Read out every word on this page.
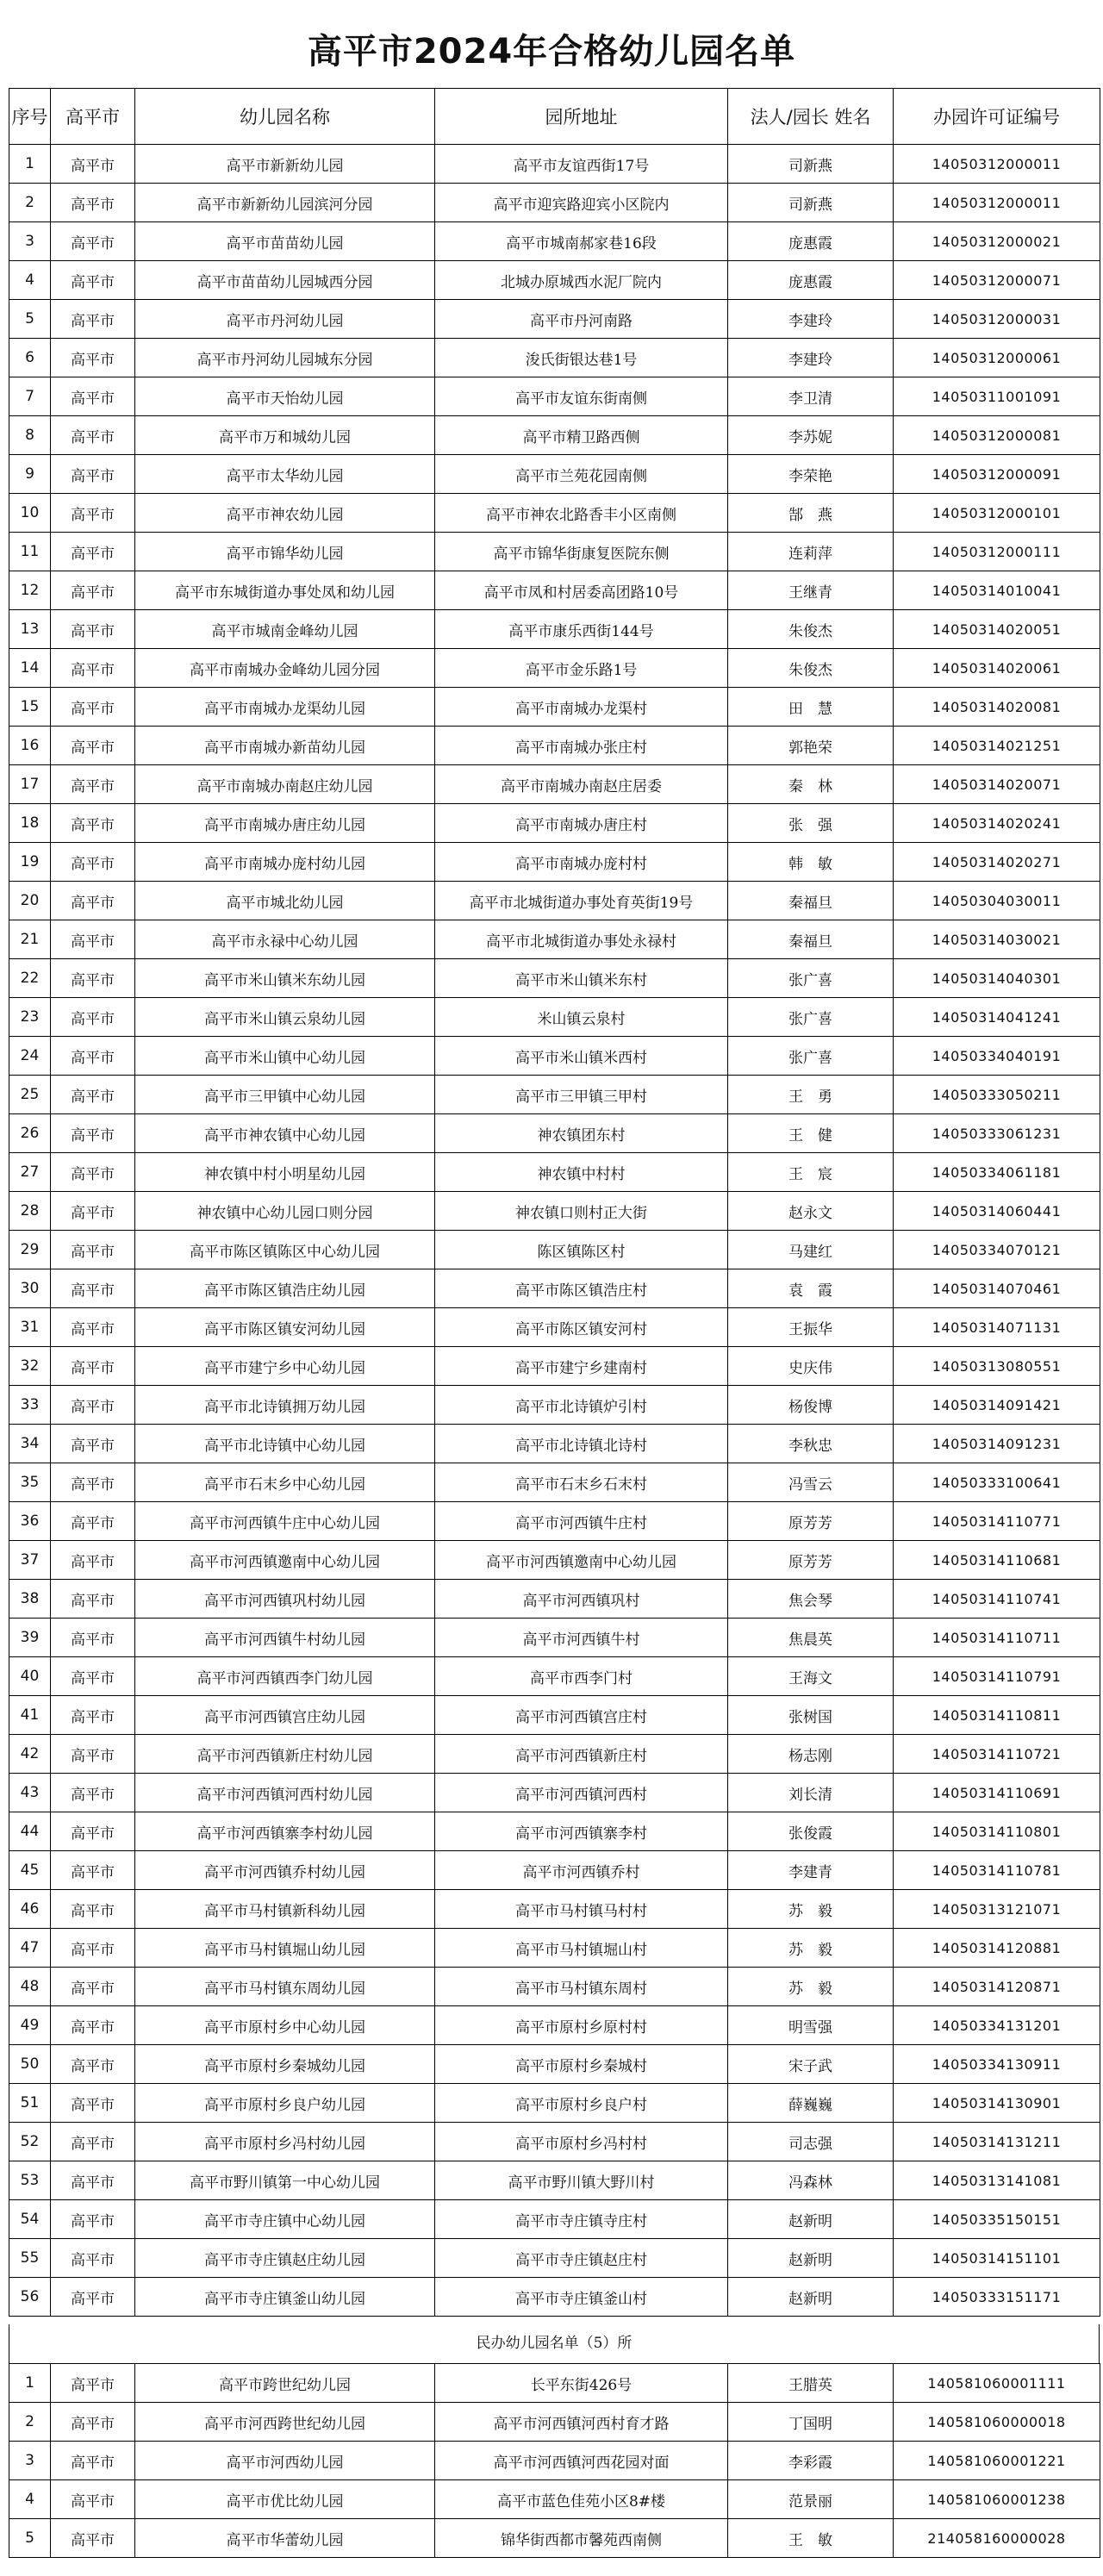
高平市2024年合格幼儿园名单
序号	高平市	幼儿园名称	园所地址	法人/园长 姓名	办园许可证编号
1	高平市	高平市新新幼儿园	高平市友谊西街17号	司新燕	14050312000011
2	高平市	高平市新新幼儿园滨河分园	高平市迎宾路迎宾小区院内	司新燕	14050312000011
3	高平市	高平市苗苗幼儿园	高平市城南郝家巷16段	庞惠霞	14050312000021
4	高平市	高平市苗苗幼儿园城西分园	北城办原城西水泥厂院内	庞惠霞	14050312000071
5	高平市	高平市丹河幼儿园	高平市丹河南路	李建玲	14050312000031
6	高平市	高平市丹河幼儿园城东分园	浚氏街银达巷1号	李建玲	14050312000061
7	高平市	高平市天怡幼儿园	高平市友谊东街南侧	李卫清	14050311001091
8	高平市	高平市万和城幼儿园	高平市精卫路西侧	李苏妮	14050312000081
9	高平市	高平市太华幼儿园	高平市兰苑花园南侧	李荣艳	14050312000091
10	高平市	高平市神农幼儿园	高平市神农北路香丰小区南侧	郜　燕	14050312000101
11	高平市	高平市锦华幼儿园	高平市锦华街康复医院东侧	连莉萍	14050312000111
12	高平市	高平市东城街道办事处凤和幼儿园	高平市凤和村居委高团路10号	王继青	14050314010041
13	高平市	高平市城南金峰幼儿园	高平市康乐西街144号	朱俊杰	14050314020051
14	高平市	高平市南城办金峰幼儿园分园	高平市金乐路1号	朱俊杰	14050314020061
15	高平市	高平市南城办龙渠幼儿园	高平市南城办龙渠村	田　慧	14050314020081
16	高平市	高平市南城办新苗幼儿园	高平市南城办张庄村	郭艳荣	14050314021251
17	高平市	高平市南城办南赵庄幼儿园	高平市南城办南赵庄居委	秦　林	14050314020071
18	高平市	高平市南城办唐庄幼儿园	高平市南城办唐庄村	张　强	14050314020241
19	高平市	高平市南城办庞村幼儿园	高平市南城办庞村村	韩　敏	14050314020271
20	高平市	高平市城北幼儿园	高平市北城街道办事处育英街19号	秦福旦	14050304030011
21	高平市	高平市永禄中心幼儿园	高平市北城街道办事处永禄村	秦福旦	14050314030021
22	高平市	高平市米山镇米东幼儿园	高平市米山镇米东村	张广喜	14050314040301
23	高平市	高平市米山镇云泉幼儿园	米山镇云泉村	张广喜	14050314041241
24	高平市	高平市米山镇中心幼儿园	高平市米山镇米西村	张广喜	14050334040191
25	高平市	高平市三甲镇中心幼儿园	高平市三甲镇三甲村	王　勇	14050333050211
26	高平市	高平市神农镇中心幼儿园	神农镇团东村	王　健	14050333061231
27	高平市	神农镇中村小明星幼儿园	神农镇中村村	王　宸	14050334061181
28	高平市	神农镇中心幼儿园口则分园	神农镇口则村正大街	赵永文	14050314060441
29	高平市	高平市陈区镇陈区中心幼儿园	陈区镇陈区村	马建红	14050334070121
30	高平市	高平市陈区镇浩庄幼儿园	高平市陈区镇浩庄村	袁　霞	14050314070461
31	高平市	高平市陈区镇安河幼儿园	高平市陈区镇安河村	王振华	14050314071131
32	高平市	高平市建宁乡中心幼儿园	高平市建宁乡建南村	史庆伟	14050313080551
33	高平市	高平市北诗镇拥万幼儿园	高平市北诗镇炉引村	杨俊博	14050314091421
34	高平市	高平市北诗镇中心幼儿园	高平市北诗镇北诗村	李秋忠	14050314091231
35	高平市	高平市石末乡中心幼儿园	高平市石末乡石末村	冯雪云	14050333100641
36	高平市	高平市河西镇牛庄中心幼儿园	高平市河西镇牛庄村	原芳芳	14050314110771
37	高平市	高平市河西镇邀南中心幼儿园	高平市河西镇邀南中心幼儿园	原芳芳	14050314110681
38	高平市	高平市河西镇巩村幼儿园	高平市河西镇巩村	焦会琴	14050314110741
39	高平市	高平市河西镇牛村幼儿园	高平市河西镇牛村	焦晨英	14050314110711
40	高平市	高平市河西镇西李门幼儿园	高平市西李门村	王海文	14050314110791
41	高平市	高平市河西镇宫庄幼儿园	高平市河西镇宫庄村	张树国	14050314110811
42	高平市	高平市河西镇新庄村幼儿园	高平市河西镇新庄村	杨志刚	14050314110721
43	高平市	高平市河西镇河西村幼儿园	高平市河西镇河西村	刘长清	14050314110691
44	高平市	高平市河西镇寨李村幼儿园	高平市河西镇寨李村	张俊霞	14050314110801
45	高平市	高平市河西镇乔村幼儿园	高平市河西镇乔村	李建青	14050314110781
46	高平市	高平市马村镇新科幼儿园	高平市马村镇马村村	苏　毅	14050313121071
47	高平市	高平市马村镇堀山幼儿园	高平市马村镇堀山村	苏　毅	14050314120881
48	高平市	高平市马村镇东周幼儿园	高平市马村镇东周村	苏　毅	14050314120871
49	高平市	高平市原村乡中心幼儿园	高平市原村乡原村村	明雪强	14050334131201
50	高平市	高平市原村乡秦城幼儿园	高平市原村乡秦城村	宋子武	14050334130911
51	高平市	高平市原村乡良户幼儿园	高平市原村乡良户村	薛巍巍	14050314130901
52	高平市	高平市原村乡冯村幼儿园	高平市原村乡冯村村	司志强	14050314131211
53	高平市	高平市野川镇第一中心幼儿园	高平市野川镇大野川村	冯森林	14050313141081
54	高平市	高平市寺庄镇中心幼儿园	高平市寺庄镇寺庄村	赵新明	14050335150151
55	高平市	高平市寺庄镇赵庄幼儿园	高平市寺庄镇赵庄村	赵新明	14050314151101
56	高平市	高平市寺庄镇釜山幼儿园	高平市寺庄镇釜山村	赵新明	14050333151171
民办幼儿园名单（5）所
1	高平市	高平市跨世纪幼儿园	长平东街426号	王腊英	140581060001111
2	高平市	高平市河西跨世纪幼儿园	高平市河西镇河西村育才路	丁国明	140581060000018
3	高平市	高平市河西幼儿园	高平市河西镇河西花园对面	李彩霞	140581060001221
4	高平市	高平市优比幼儿园	高平市蓝色佳苑小区8#楼	范景丽	140581060001238
5	高平市	高平市华蕾幼儿园	锦华街西都市馨苑西南侧	王　敏	214058160000028
